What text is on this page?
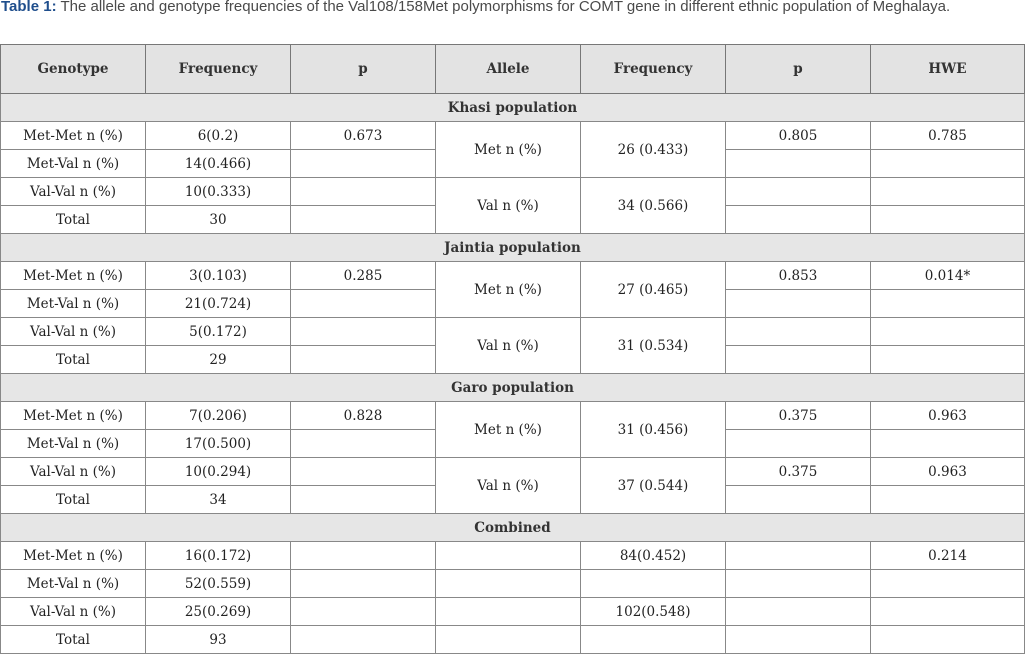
Table 1: The allele and genotype frequencies of the Val108/158Met polymorphisms for COMT gene in different ethnic population of Meghalaya.
Genotype	Frequency	p	Allele	Frequency	p	HWE
Khasi population						
Met-Met n (%)	6(0.2)	0.673	Met n (%)	26 (0.433)	0.805	0.785
Met-Val n (%)	14(0.466)					
Val-Val n (%)	10(0.333)		Val n (%)	34 (0.566)		
Total	30					
Jaintia population						
Met-Met n (%)	3(0.103)	0.285	Met n (%)	27 (0.465)	0.853	0.014*
Met-Val n (%)	21(0.724)					
Val-Val n (%)	5(0.172)		Val n (%)	31 (0.534)		
Total	29					
Garo population						
Met-Met n (%)	7(0.206)	0.828	Met n (%)	31 (0.456)	0.375	0.963
Met-Val n (%)	17(0.500)					
Val-Val n (%)	10(0.294)		Val n (%)	37 (0.544)	0.375	0.963
Total	34					
Combined						
Met-Met n (%)	16(0.172)			84(0.452)		0.214
Met-Val n (%)	52(0.559)					
Val-Val n (%)	25(0.269)			102(0.548)		
Total	93					
